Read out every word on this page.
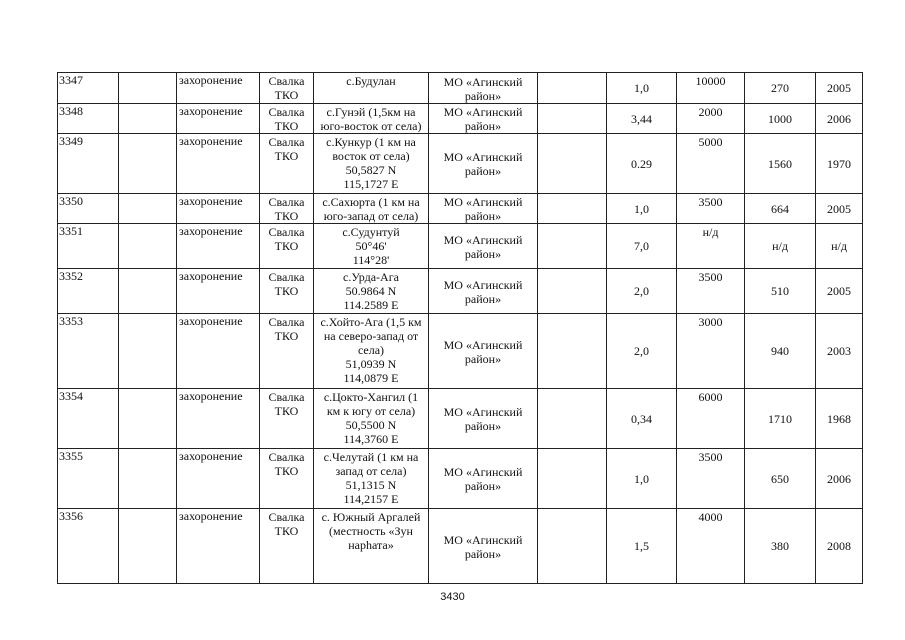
3347		захоронение	Свалка
ТКО	с.Будулан	МО «Агинский
район»		1,0	10000	270	2005
3348		захоронение	Свалка
ТКО	с.Гунэй (1,5км на
юго-восток от села)	МО «Агинский
район»		3,44	2000	1000	2006
3349		захоронение	Свалка
ТКО	с.Кункур (1 км на
восток от села)
50,5827 N
115,1727 E	МО «Агинский
район»		0.29	5000	1560	1970
3350		захоронение	Свалка
ТКО	с.Сахюрта (1 км на
юго-запад от села)	МО «Агинский
район»		1,0	3500	664	2005
3351		захоронение	Свалка
ТКО	с.Судунтуй
50°46'
114°28'	МО «Агинский
район»		7,0	н/д	н/д	н/д
3352		захоронение	Свалка
ТКО	с.Урда-Ага
50.9864 N
114.2589 E	МО «Агинский
район»		2,0	3500	510	2005
3353		захоронение	Свалка
ТКО	с.Хойто-Ага (1,5 км
на северо-запад от
села)
51,0939 N
114,0879 E	МО «Агинский
район»		2,0	3000	940	2003
3354		захоронение	Свалка
ТКО	с.Цокто-Хангил (1
км к югу от села)
50,5500 N
114,3760 E	МО «Агинский
район»		0,34	6000	1710	1968
3355		захоронение	Свалка
ТКО	с.Челутай (1 км на
запад от села)
51,1315 N
114,2157 E	МО «Агинский
район»		1,0	3500	650	2006
3356		захоронение	Свалка
ТКО	с. Южный Аргалей
(местность «Зун
нарhата»	МО «Агинский
район»		1,5	4000	380	2008
3430
